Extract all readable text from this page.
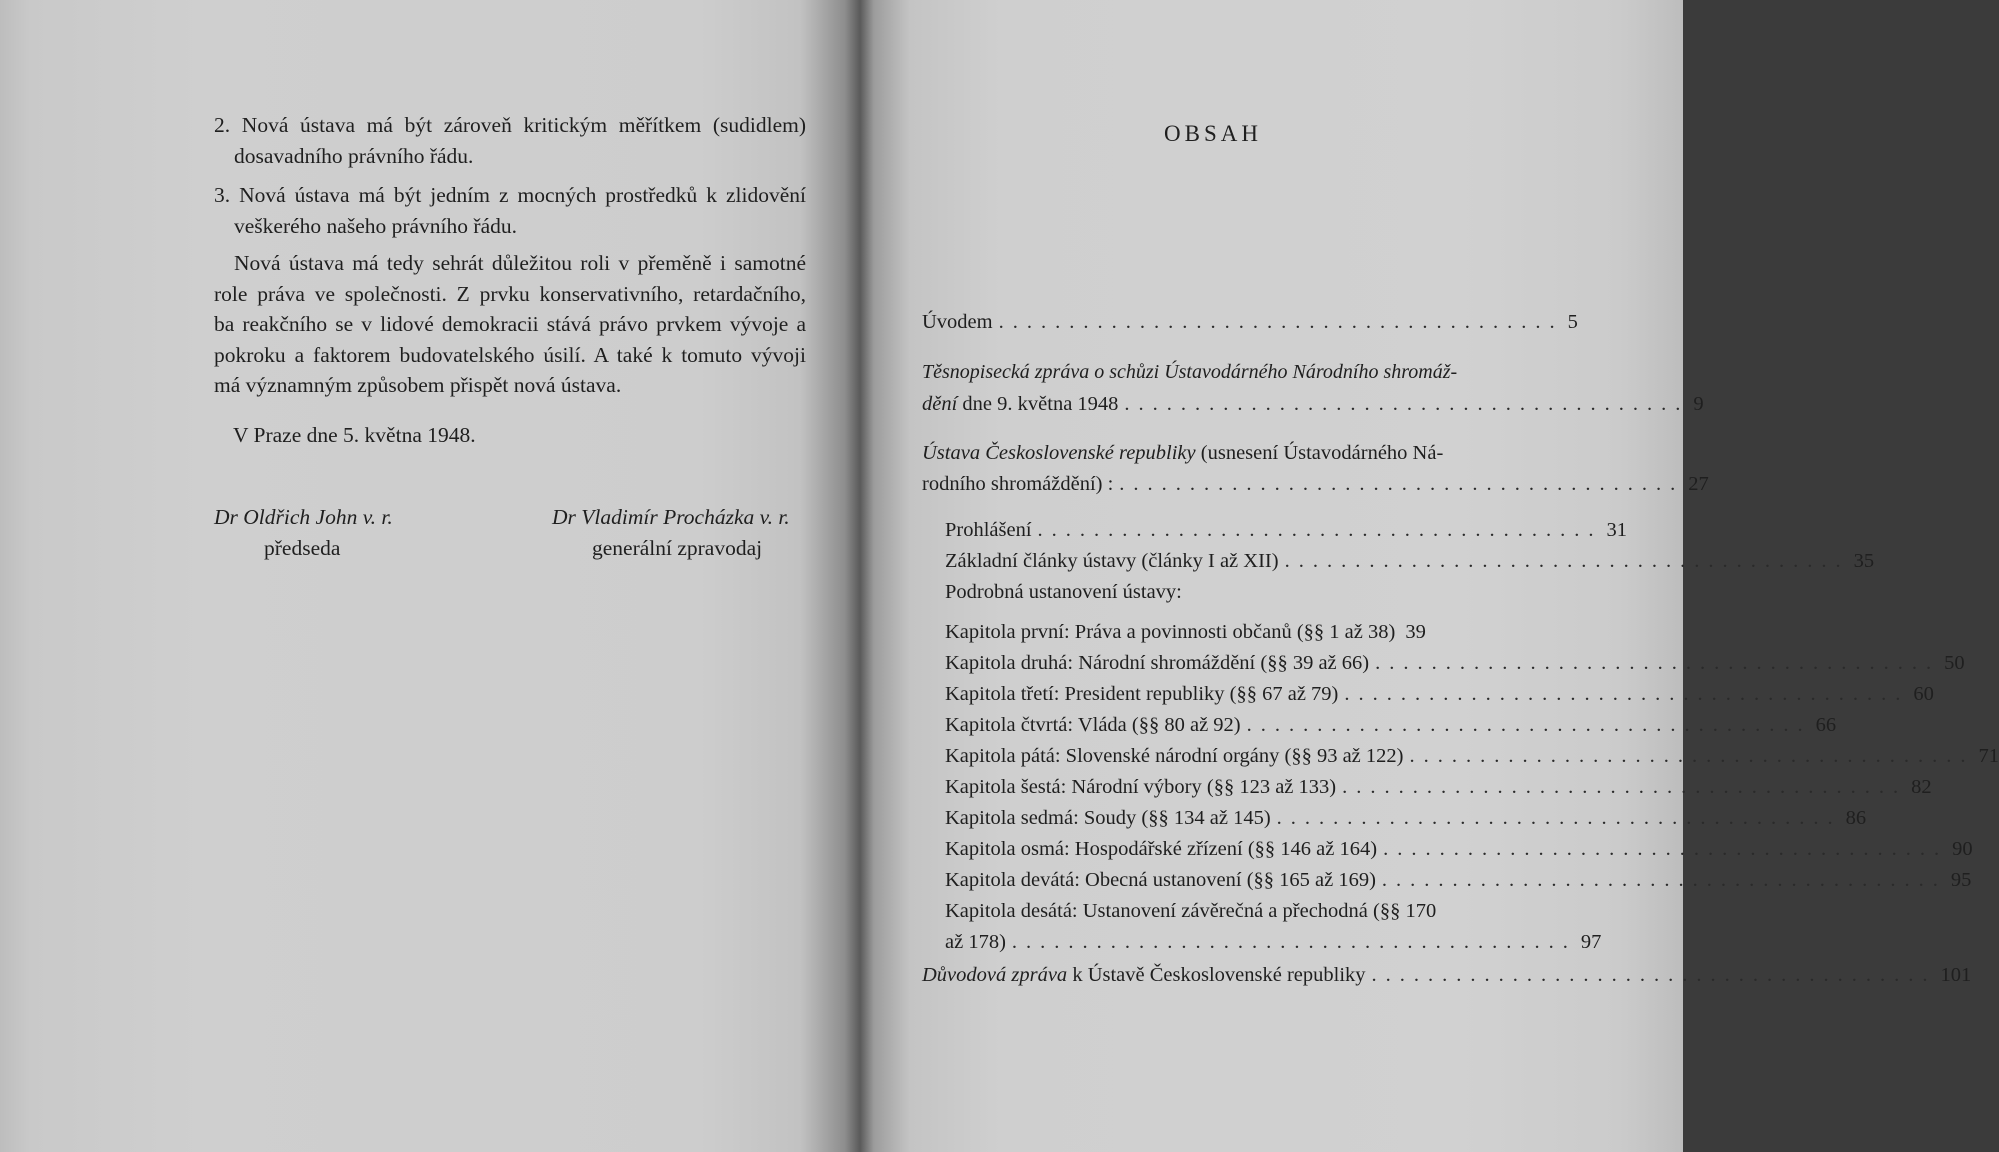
2. Nová ústava má být zároveň kritickým měřítkem (sudidlem)
dosavadního právního řádu.
3. Nová ústava má být jedním z mocných prostředků k zlidovění
veškerého našeho právního řádu.
Nová ústava má tedy sehrát důležitou roli v přeměně i samotné
role práva ve společnosti. Z prvku konservativního, retardačního,
ba reakčního se v lidové demokracii stává právo prvkem vývoje a
pokroku a faktorem budovatelského úsilí. A také k tomuto vývoji
má významným způsobem přispět nová ústava.
V Praze dne 5. května 1948.
Dr Oldřich John v. r.
předseda
Dr Vladimír Procházka v. r.
generální zpravodaj
OBSAH
Úvodem ........................................ 5
Těsnopisecká zpráva o schůzi Ústavodárného Národního shromáž-
dění dne 9. května 1948 ........................................ 9
Ústava Československé republiky (usnesení Ústavodárného Ná-
rodního shromáždění) : ........................................ 27
Prohlášení ........................................ 31
Základní články ústavy (články I až XII) ........................................ 35
Podrobná ustanovení ústavy:
Kapitola první: Práva a povinnosti občanů (§§ 1 až 38) 39
Kapitola druhá: Národní shromáždění (§§ 39 až 66) ........................................ 50
Kapitola třetí: President republiky (§§ 67 až 79) ........................................ 60
Kapitola čtvrtá: Vláda (§§ 80 až 92) ........................................ 66
Kapitola pátá: Slovenské národní orgány (§§ 93 až 122) ........................................ 71
Kapitola šestá: Národní výbory (§§ 123 až 133) ........................................ 82
Kapitola sedmá: Soudy (§§ 134 až 145) ........................................ 86
Kapitola osmá: Hospodářské zřízení (§§ 146 až 164) ........................................ 90
Kapitola devátá: Obecná ustanovení (§§ 165 až 169) ........................................ 95
Kapitola desátá: Ustanovení závěrečná a přechodná (§§ 170
až 178) ........................................ 97
Důvodová zpráva k Ústavě Československé republiky ........................................ 101
